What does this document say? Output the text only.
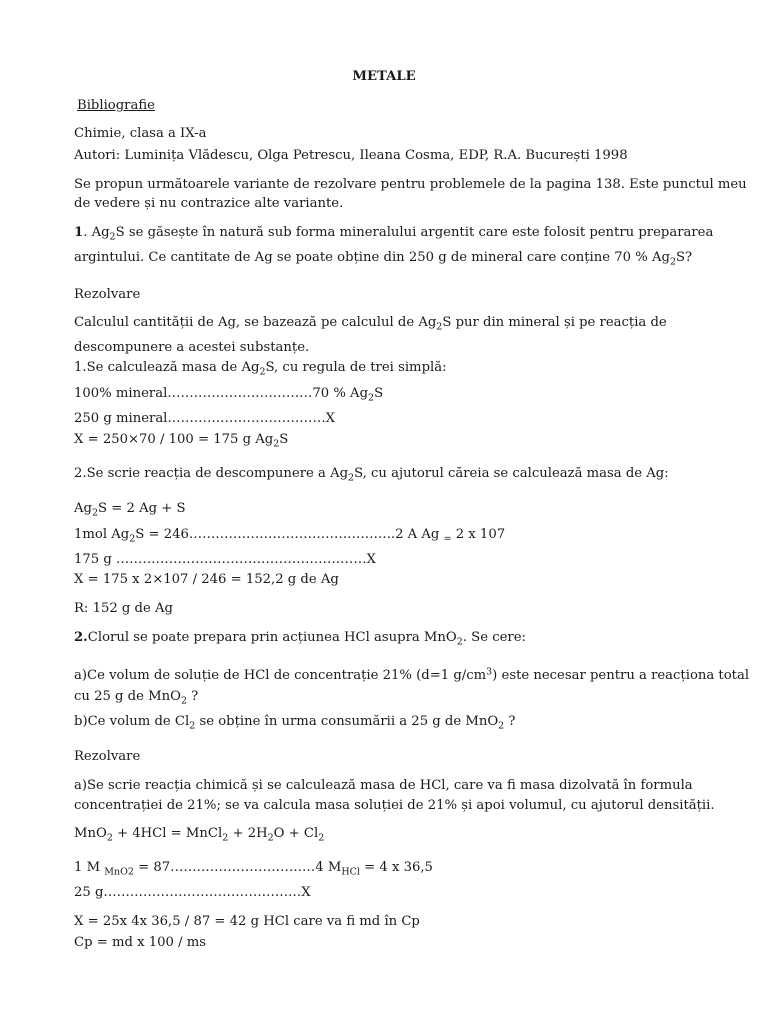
METALE
Bibliografie
Chimie, clasa a IX-a
Autori: Luminița Vlădescu, Olga Petrescu, Ileana Cosma, EDP, R.A. București 1998
Se propun următoarele variante de rezolvare pentru problemele de la pagina 138. Este punctul meu
de vedere și nu contrazice alte variante.
1. $Ag_2S$ se găsește în natură sub forma mineralului argentit care este folosit pentru prepararea
argintului. Ce cantitate de Ag se poate obține din 250 g de mineral care conține 70 % $Ag_2S$?
Rezolvare
Calculul cantității de Ag, se bazează pe calculul de $Ag_2S$ pur din mineral și pe reacția de
descompunere a acestei substanțe.
1.Se calculează masa de $Ag_2S$, cu regula de trei simplă:
100% mineral……………………………70 % $Ag_2S$
250 g mineral………………………………X
X = 250×70 / 100 = 175 g $Ag_2S$
2.Se scrie reacția de descompunere a $Ag_2S$, cu ajutorul căreia se calculează masa de Ag:
$Ag_2S = 2$ Ag + S
1mol $Ag_2S$ = 246………………………………………..2 A Ag $_=$ 2 x 107
175 g …………………………………………………X
X = 175 x 2×107 / 246 = 152,2 g de Ag
R: 152 g de Ag
2.Clorul se poate prepara prin acțiunea HCl asupra MnO$_2$. Se cere:
a)Ce volum de soluție de HCl de concentrație 21% (d=1 $g/cm^3$) este necesar pentru a reacționa total
cu 25 g de MnO$_2$ ?
b)Ce volum de $Cl_2$ se obține în urma consumării a 25 g de MnO$_2$ ?
Rezolvare
a)Se scrie reacția chimică și se calculează masa de HCl, care va fi masa dizolvată în formula
concentrației de 21%; se va calcula masa soluției de 21% și apoi volumul, cu ajutorul densității.
MnO$_2$ + 4HCl = MnCl$_2$ + $2H_2O + Cl_2$
1 M $_{MnO2}$ = 87……………………………4 $M_{HCl} = 4$ x 36,5
25 g………………………………………X
X = 25x 4x 36,5 / 87 = 42 g HCl care va fi md în Cp
Cp = md x 100 / ms
